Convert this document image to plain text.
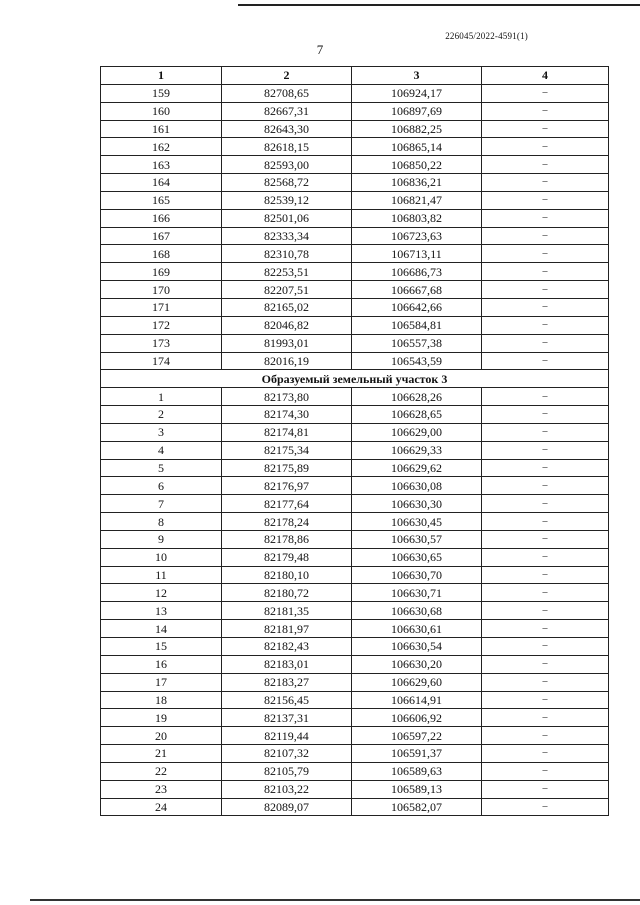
226045/2022-4591(1)
7
1	2	3	4
159	82708,65	106924,17	–
160	82667,31	106897,69	–
161	82643,30	106882,25	–
162	82618,15	106865,14	–
163	82593,00	106850,22	–
164	82568,72	106836,21	–
165	82539,12	106821,47	–
166	82501,06	106803,82	–
167	82333,34	106723,63	–
168	82310,78	106713,11	–
169	82253,51	106686,73	–
170	82207,51	106667,68	–
171	82165,02	106642,66	–
172	82046,82	106584,81	–
173	81993,01	106557,38	–
174	82016,19	106543,59	–
Образуемый земельный участок 3			
1	82173,80	106628,26	–
2	82174,30	106628,65	–
3	82174,81	106629,00	–
4	82175,34	106629,33	–
5	82175,89	106629,62	–
6	82176,97	106630,08	–
7	82177,64	106630,30	–
8	82178,24	106630,45	–
9	82178,86	106630,57	–
10	82179,48	106630,65	–
11	82180,10	106630,70	–
12	82180,72	106630,71	–
13	82181,35	106630,68	–
14	82181,97	106630,61	–
15	82182,43	106630,54	–
16	82183,01	106630,20	–
17	82183,27	106629,60	–
18	82156,45	106614,91	–
19	82137,31	106606,92	–
20	82119,44	106597,22	–
21	82107,32	106591,37	–
22	82105,79	106589,63	–
23	82103,22	106589,13	–
24	82089,07	106582,07	–
